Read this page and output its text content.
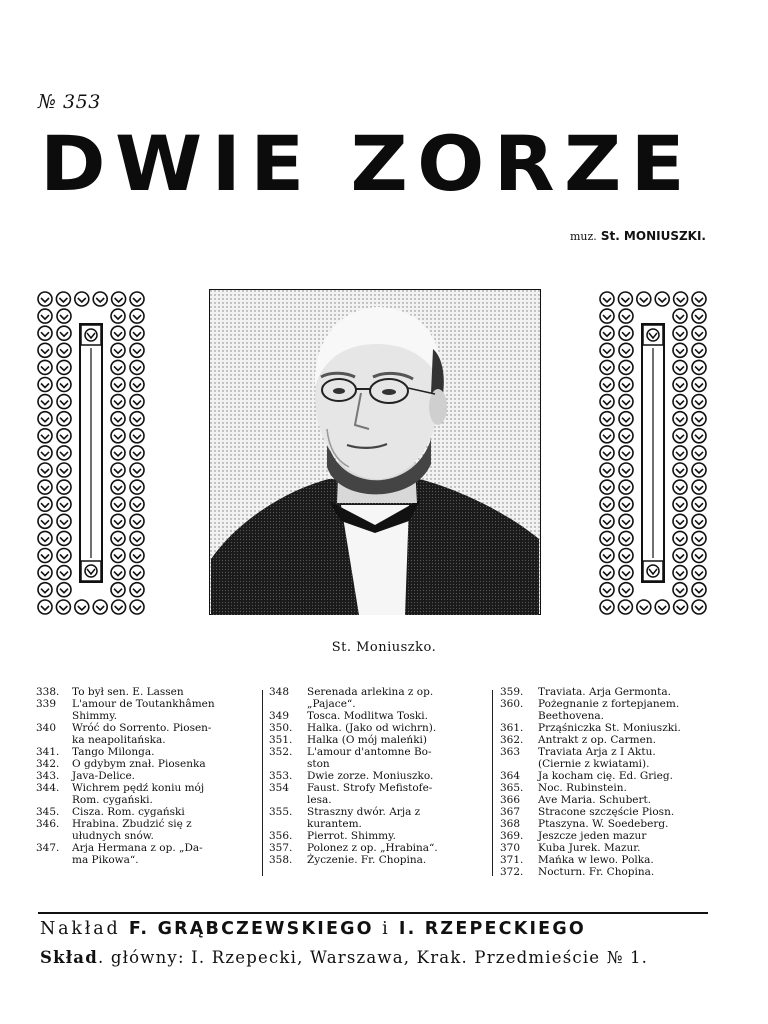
№ 353
DWIE ZORZE
muz. St. MONIUSZKI.
St. Moniuszko.
338.	To był sen. E. Lassen
339	L'amour de Toutankhâmen
Shimmy.
340	Wróć do Sorrento. Piosen-
ka neapolitańska.
341.	Tango Milonga.
342.	O gdybym znał. Piosenka
343.	Java-Delice.
344.	Wichrem pędź koniu mój
Rom. cygański.
345.	Cisza. Rom. cygański
346.	Hrabina. Zbudzić się z
ułudnych snów.
347.	Arja Hermana z op. „Da-
ma Pikowa“.
348	Serenada arlekina z op.
„Pajace“.
349	Tosca. Modlitwa Toski.
350.	Halka. (Jako od wichrn).
351.	Halka (O mój maleńki)
352.	L'amour d'antomne Bo-
ston
353.	Dwie zorze. Moniuszko.
354	Faust. Strofy Mefistofe-
lesa.
355.	Straszny dwór. Arja z
kurantem.
356.	Pierrot. Shimmy.
357.	Polonez z op. „Hrabina“.
358.	Życzenie. Fr. Chopina.
359.	Traviata. Arja Germonta.
360.	Pożegnanie z fortepjanem.
Beethovena.
361.	Prząśniczka St. Moniuszki.
362.	Antrakt z op. Carmen.
363	Traviata Arja z I Aktu.
(Ciernie z kwiatami).
364	Ja kocham cię. Ed. Grieg.
365.	Noc. Rubinstein.
366	Ave Maria. Schubert.
367	Stracone szczęście Piosn.
368	Ptaszyna. W. Soedeberg.
369.	Jeszcze jeden mazur
370	Kuba Jurek. Mazur.
371.	Mańka w lewo. Polka.
372.	Nocturn. Fr. Chopina.
Nakład F. GRĄBCZEWSKIEGO i I. RZEPECKIEGO
Skład. główny: I. Rzepecki, Warszawa, Krak. Przedmieście № 1.
